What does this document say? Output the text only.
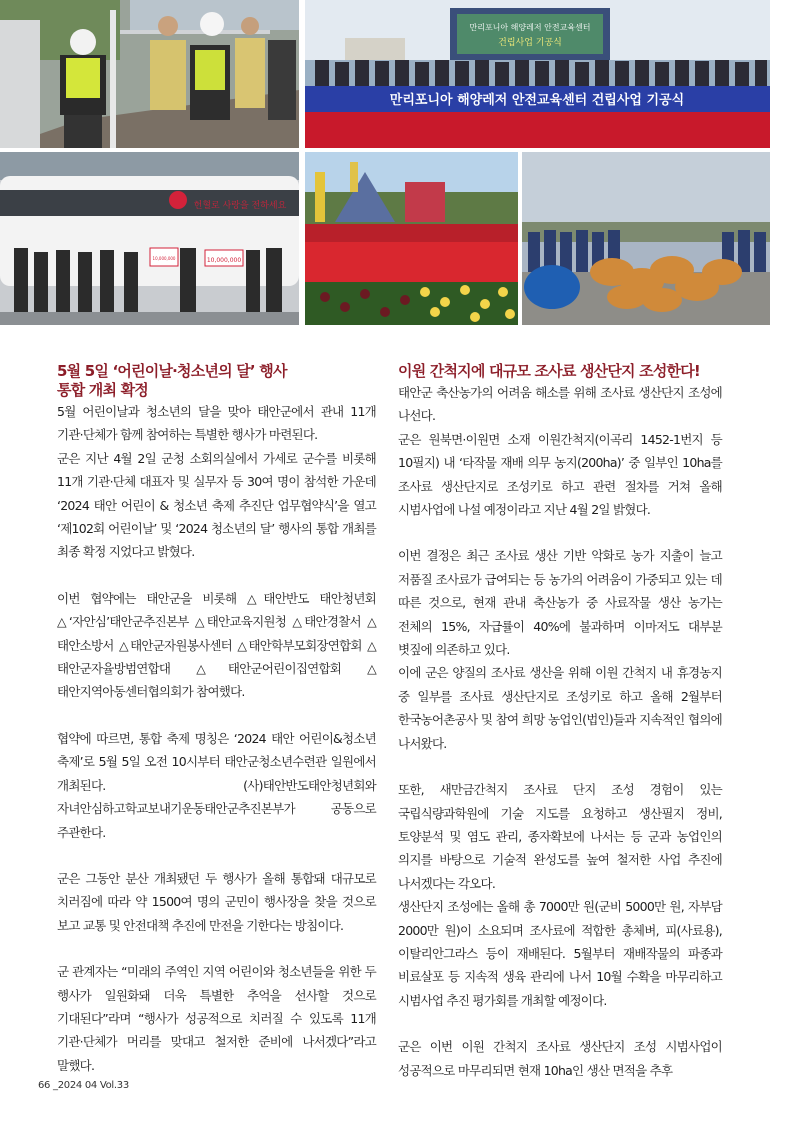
만리포니아 해양레저 안전교육센터
건립사업 기공식
만리포니아 해양레저 안전교육센터 건립사업 기공식
헌혈로 사랑을 전하세요
10,000,000
10,000,000
5월 5일 ‘어린이날·청소년의 달’ 행사
통합 개최 확정

5월 어린이날과 청소년의 달을 맞아 태안군에서 관내 11개 기관·단체가 함께 참여하는 특별한 행사가 마련된다.

군은 지난 4월 2일 군청 소회의실에서 가세로 군수를 비롯해 11개 기관·단체 대표자 및 실무자 등 30여 명이 참석한 가운데 ‘2024 태안 어린이 & 청소년 축제 추진단 업무협약식’을 열고 ‘제102회 어린이날’ 및 ‘2024 청소년의 달’ 행사의 통합 개최를 최종 확정 지었다고 밝혔다.

이번 협약에는 태안군을 비롯해 △태안반도 태안청년회 △‘자안심’태안군추진본부 △태안교육지원청 △태안경찰서 △태안소방서 △태안군자원봉사센터 △태안학부모회장연합회 △태안군자율방범연합대 △태안군어린이집연합회 △태안지역아동센터협의회가 참여했다.

협약에 따르면, 통합 축제 명칭은 ‘2024 태안 어린이&청소년 축제’로 5월 5일 오전 10시부터 태안군청소년수련관 일원에서 개최된다. (사)태안반도태안청년회와 자녀안심하고학교보내기운동태안군추진본부가 공동으로 주관한다.

군은 그동안 분산 개최됐던 두 행사가 올해 통합돼 대규모로 치러짐에 따라 약 1500여 명의 군민이 행사장을 찾을 것으로 보고 교통 및 안전대책 추진에 만전을 기한다는 방침이다.

군 관계자는 “미래의 주역인 지역 어린이와 청소년들을 위한 두 행사가 일원화돼 더욱 특별한 추억을 선사할 것으로 기대된다”라며 “행사가 성공적으로 치러질 수 있도록 11개 기관·단체가 머리를 맞대고 철저한 준비에 나서겠다”라고 말했다.

이원 간척지에 대규모 조사료 생산단지 조성한다!

태안군 축산농가의 어려움 해소를 위해 조사료 생산단지 조성에 나선다.

군은 원북면·이원면 소재 이원간척지(이곡리 1452-1번지 등 10필지) 내 ‘타작물 재배 의무 농지(200ha)’ 중 일부인 10ha를 조사료 생산단지로 조성키로 하고 관련 절차를 거쳐 올해 시범사업에 나설 예정이라고 지난 4월 2일 밝혔다.

이번 결정은 최근 조사료 생산 기반 악화로 농가 지출이 늘고 저품질 조사료가 급여되는 등 농가의 어려움이 가중되고 있는 데 따른 것으로, 현재 관내 축산농가 중 사료작물 생산 농가는 전체의 15%, 자급률이 40%에 불과하며 이마저도 대부분 볏짚에 의존하고 있다.

이에 군은 양질의 조사료 생산을 위해 이원 간척지 내 휴경농지 중 일부를 조사료 생산단지로 조성키로 하고 올해 2월부터 한국농어촌공사 및 참여 희망 농업인(법인)들과 지속적인 협의에 나서왔다.

또한, 새만금간척지 조사료 단지 조성 경험이 있는 국립식량과학원에 기술 지도를 요청하고 생산필지 정비, 토양분석 및 염도 관리, 종자확보에 나서는 등 군과 농업인의 의지를 바탕으로 기술적 완성도를 높여 철저한 사업 추진에 나서겠다는 각오다.

생산단지 조성에는 올해 총 7000만 원(군비 5000만 원, 자부담 2000만 원)이 소요되며 조사료에 적합한 총체벼, 피(사료용), 이탈리안그라스 등이 재배된다. 5월부터 재배작물의 파종과 비료살포 등 지속적 생육 관리에 나서 10월 수확을 마무리하고 시범사업 추진 평가회를 개최할 예정이다.

군은 이번 이원 간척지 조사료 생산단지 조성 시범사업이 성공적으로 마무리되면 현재 10ha인 생산 면적을 추후

66 _2024 04 Vol.33
